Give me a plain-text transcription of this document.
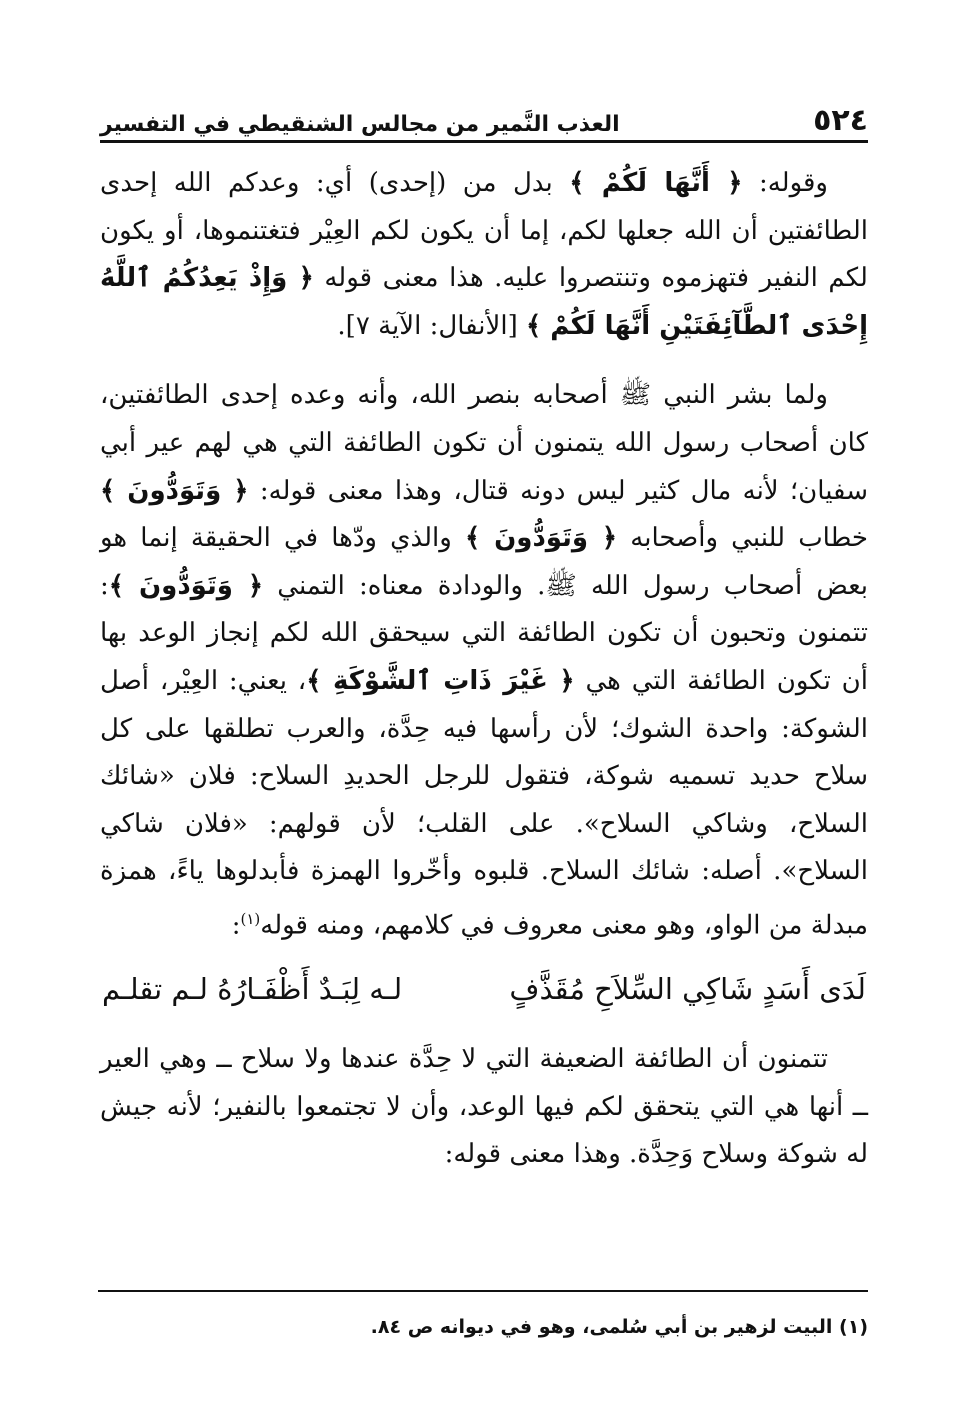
٥٢٤
العذب النَّمير من مجالس الشنقيطي في التفسير

وقوله: ﴿ أَنَّهَا لَكُمْ ﴾ بدل من (إحدى) أي: وعدكم الله إحدى الطائفتين أن الله جعلها لكم، إما أن يكون لكم العِيْر فتغتنموها، أو يكون لكم النفير فتهزموه وتنتصروا عليه. هذا معنى قوله ﴿ وَإِذْ يَعِدُكُمُ ٱللَّهُ إِحْدَى ٱلطَّآئِفَتَيْنِ أَنَّهَا لَكُمْ ﴾ [الأنفال: الآية ٧].

ولما بشر النبي ﷺ أصحابه بنصر الله، وأنه وعده إحدى الطائفتين، كان أصحاب رسول الله يتمنون أن تكون الطائفة التي هي لهم عير أبي سفيان؛ لأنه مال كثير ليس دونه قتال، وهذا معنى قوله: ﴿ وَتَوَدُّونَ ﴾ خطاب للنبي وأصحابه ﴿ وَتَوَدُّونَ ﴾ والذي ودّها في الحقيقة إنما هو بعض أصحاب رسول الله ﷺ. والودادة معناه: التمني ﴿ وَتَوَدُّونَ ﴾: تتمنون وتحبون أن تكون الطائفة التي سيحقق الله لكم إنجاز الوعد بها أن تكون الطائفة التي هي ﴿ غَيْرَ ذَاتِ ٱلشَّوْكَةِ ﴾، يعني: العِيْر، أصل الشوكة: واحدة الشوك؛ لأن رأسها فيه حِدَّة، والعرب تطلقها على كل سلاح حديد تسميه شوكة، فتقول للرجل الحديدِ السلاح: فلان «شائك السلاح، وشاكي السلاح». على القلب؛ لأن قولهم: «فلان شاكي السلاح». أصله: شائك السلاح. قلبوه وأخّروا الهمزة فأبدلوها ياءً، همزة مبدلة من الواو، وهو معنى معروف في كلامهم، ومنه قوله$^{(١)}$:

لَدَى أَسَدٍ شَاكِي السِّلاَحِ مُقَذَّفٍ
لـه لِبَـدٌ أَظْفَـارُهُ لـم تقلـم

تتمنون أن الطائفة الضعيفة التي لا حِدَّة عندها ولا سلاح ــ وهي العير ــ أنها هي التي يتحقق لكم فيها الوعد، وأن لا تجتمعوا بالنفير؛ لأنه جيش له شوكة وسلاح وَحِدَّة. وهذا معنى قوله:

(١) البيت لزهير بن أبي سُلمى، وهو في ديوانه ص ٨٤.
